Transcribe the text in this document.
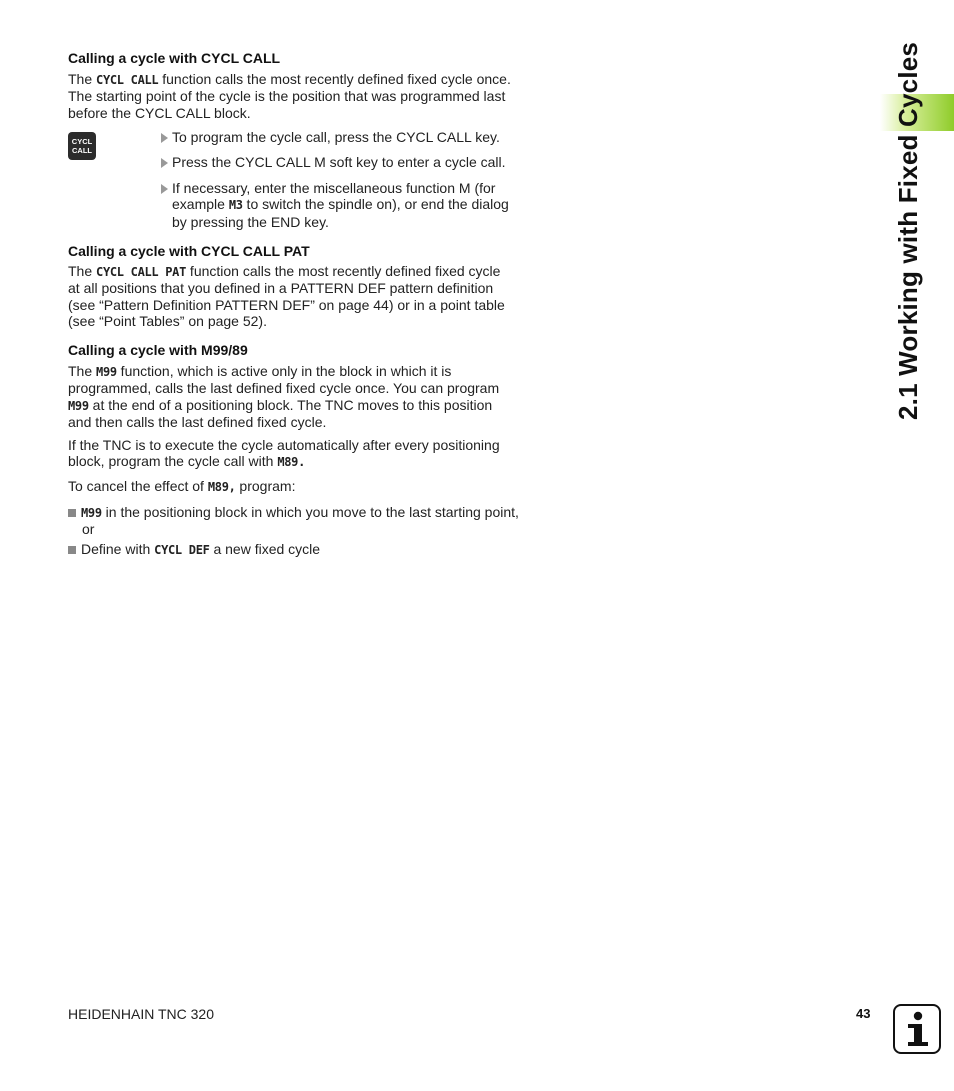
2.1 Working with Fixed Cycles
Calling a cycle with CYCL CALL
The CYCL CALL function calls the most recently defined fixed cycle once. The starting point of the cycle is the position that was programmed last before the CYCL CALL block.
CYCL
CALL
To program the cycle call, press the CYCL CALL key.
Press the CYCL CALL M soft key to enter a cycle call.
If necessary, enter the miscellaneous function M (for example M3 to switch the spindle on), or end the dialog by pressing the END key.
Calling a cycle with CYCL CALL PAT
The CYCL CALL PAT function calls the most recently defined fixed cycle at all positions that you defined in a PATTERN DEF pattern definition (see “Pattern Definition PATTERN DEF” on page 44) or in a point table (see “Point Tables” on page 52).
Calling a cycle with M99/89
The M99 function, which is active only in the block in which it is programmed, calls the last defined fixed cycle once. You can program M99 at the end of a positioning block. The TNC moves to this position and then calls the last defined fixed cycle.
If the TNC is to execute the cycle automatically after every positioning block, program the cycle call with M89.
To cancel the effect of M89, program:
M99 in the positioning block in which you move to the last starting point, or
Define with CYCL DEF a new fixed cycle
HEIDENHAIN TNC 320	43
